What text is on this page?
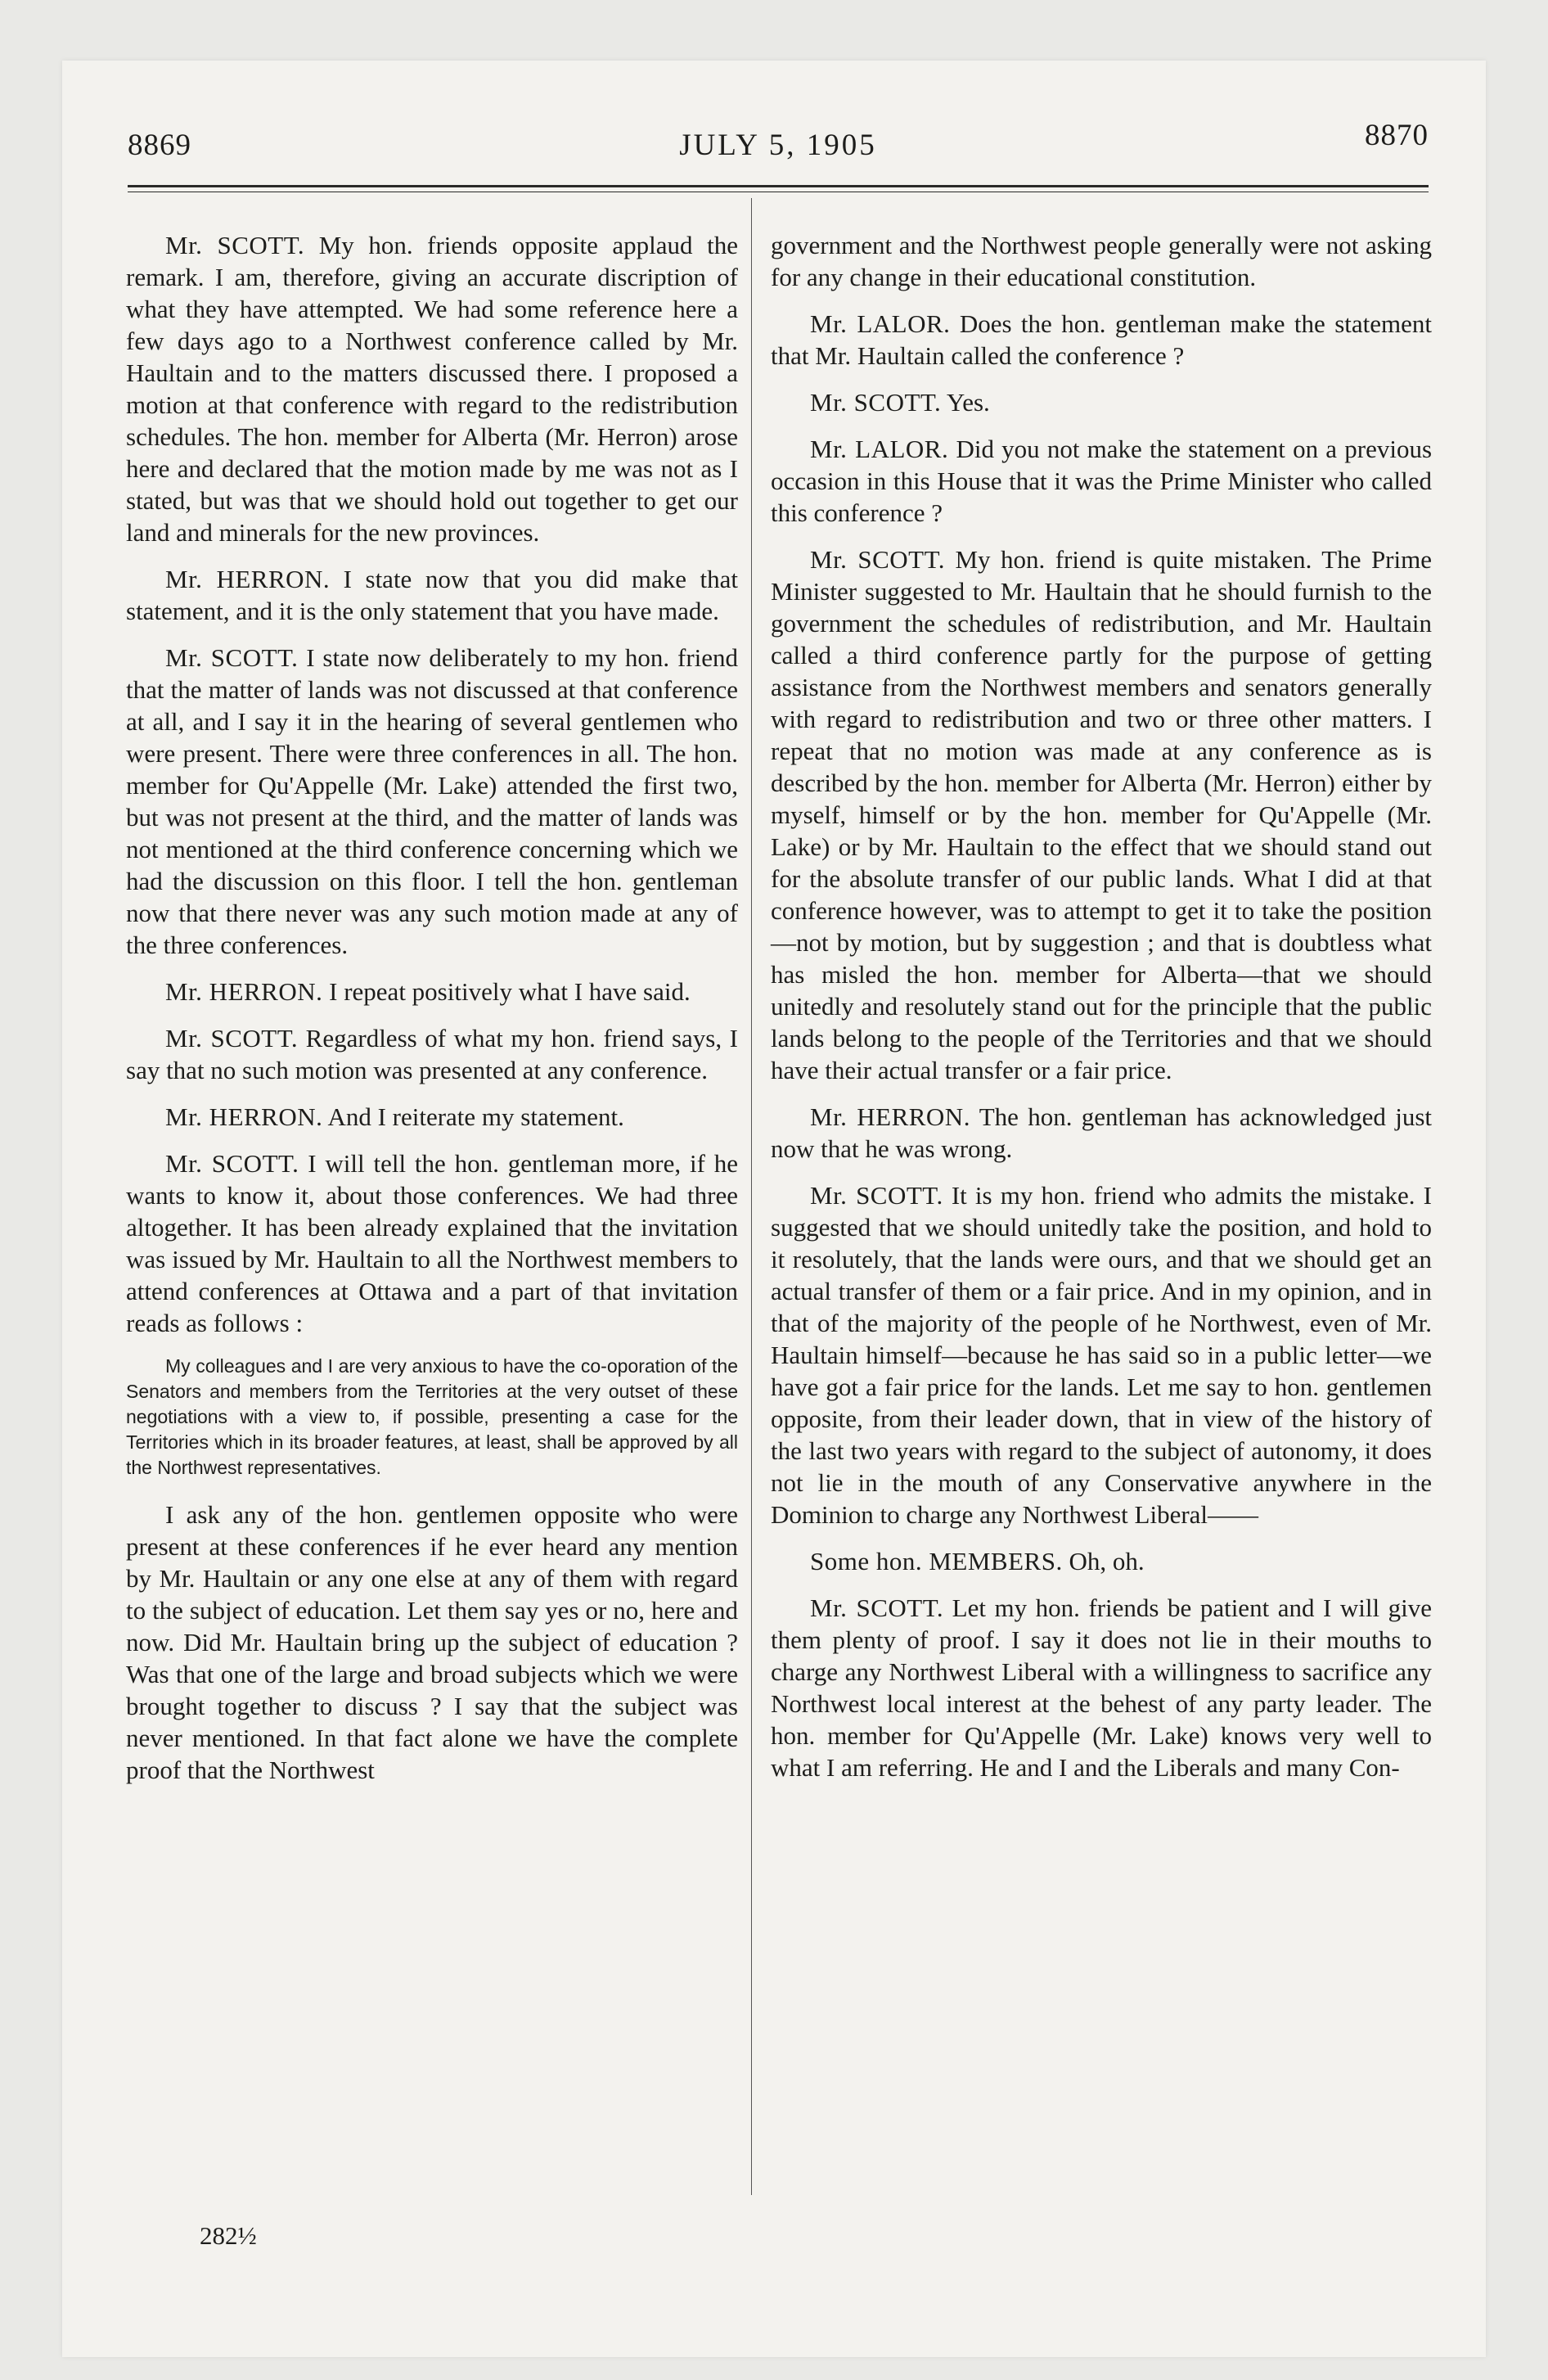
8869	JULY 5, 1905	8870

Mr. SCOTT. My hon. friends opposite applaud the remark. I am, therefore, giving an accurate discription of what they have attempted. We had some reference here a few days ago to a Northwest conference called by Mr. Haultain and to the matters discussed there. I proposed a motion at that conference with regard to the redistribution schedules. The hon. member for Alberta (Mr. Herron) arose here and declared that the motion made by me was not as I stated, but was that we should hold out together to get our land and minerals for the new provinces.

Mr. HERRON. I state now that you did make that statement, and it is the only statement that you have made.

Mr. SCOTT. I state now deliberately to my hon. friend that the matter of lands was not discussed at that conference at all, and I say it in the hearing of several gentlemen who were present. There were three conferences in all. The hon. member for Qu'Appelle (Mr. Lake) attended the first two, but was not present at the third, and the matter of lands was not mentioned at the third conference concerning which we had the discussion on this floor. I tell the hon. gentleman now that there never was any such motion made at any of the three conferences.

Mr. HERRON. I repeat positively what I have said.

Mr. SCOTT. Regardless of what my hon. friend says, I say that no such motion was presented at any conference.

Mr. HERRON. And I reiterate my statement.

Mr. SCOTT. I will tell the hon. gentleman more, if he wants to know it, about those conferences. We had three altogether. It has been already explained that the invitation was issued by Mr. Haultain to all the Northwest members to attend conferences at Ottawa and a part of that invitation reads as follows :

My colleagues and I are very anxious to have the co-oporation of the Senators and members from the Territories at the very outset of these negotiations with a view to, if possible, presenting a case for the Territories which in its broader features, at least, shall be approved by all the Northwest representatives.

I ask any of the hon. gentlemen opposite who were present at these conferences if he ever heard any mention by Mr. Haultain or any one else at any of them with regard to the subject of education. Let them say yes or no, here and now. Did Mr. Haultain bring up the subject of education ? Was that one of the large and broad subjects which we were brought together to discuss ? I say that the subject was never mentioned. In that fact alone we have the complete proof that the Northwest

government and the Northwest people generally were not asking for any change in their educational constitution.

Mr. LALOR. Does the hon. gentleman make the statement that Mr. Haultain called the conference ?

Mr. SCOTT. Yes.

Mr. LALOR. Did you not make the statement on a previous occasion in this House that it was the Prime Minister who called this conference ?

Mr. SCOTT. My hon. friend is quite mistaken. The Prime Minister suggested to Mr. Haultain that he should furnish to the government the schedules of redistribution, and Mr. Haultain called a third conference partly for the purpose of getting assistance from the Northwest members and senators generally with regard to redistribution and two or three other matters. I repeat that no motion was made at any conference as is described by the hon. member for Alberta (Mr. Herron) either by myself, himself or by the hon. member for Qu'Appelle (Mr. Lake) or by Mr. Haultain to the effect that we should stand out for the absolute transfer of our public lands. What I did at that conference however, was to attempt to get it to take the position—not by motion, but by suggestion ; and that is doubtless what has misled the hon. member for Alberta—that we should unitedly and resolutely stand out for the principle that the public lands belong to the people of the Territories and that we should have their actual transfer or a fair price.

Mr. HERRON. The hon. gentleman has acknowledged just now that he was wrong.

Mr. SCOTT. It is my hon. friend who admits the mistake. I suggested that we should unitedly take the position, and hold to it resolutely, that the lands were ours, and that we should get an actual transfer of them or a fair price. And in my opinion, and in that of the majority of the people of he Northwest, even of Mr. Haultain himself—because he has said so in a public letter—we have got a fair price for the lands. Let me say to hon. gentlemen opposite, from their leader down, that in view of the history of the last two years with regard to the subject of autonomy, it does not lie in the mouth of any Conservative anywhere in the Dominion to charge any Northwest Liberal——

Some hon. MEMBERS. Oh, oh.

Mr. SCOTT. Let my hon. friends be patient and I will give them plenty of proof. I say it does not lie in their mouths to charge any Northwest Liberal with a willingness to sacrifice any Northwest local interest at the behest of any party leader. The hon. member for Qu'Appelle (Mr. Lake) knows very well to what I am referring. He and I and the Liberals and many Con-

282½
